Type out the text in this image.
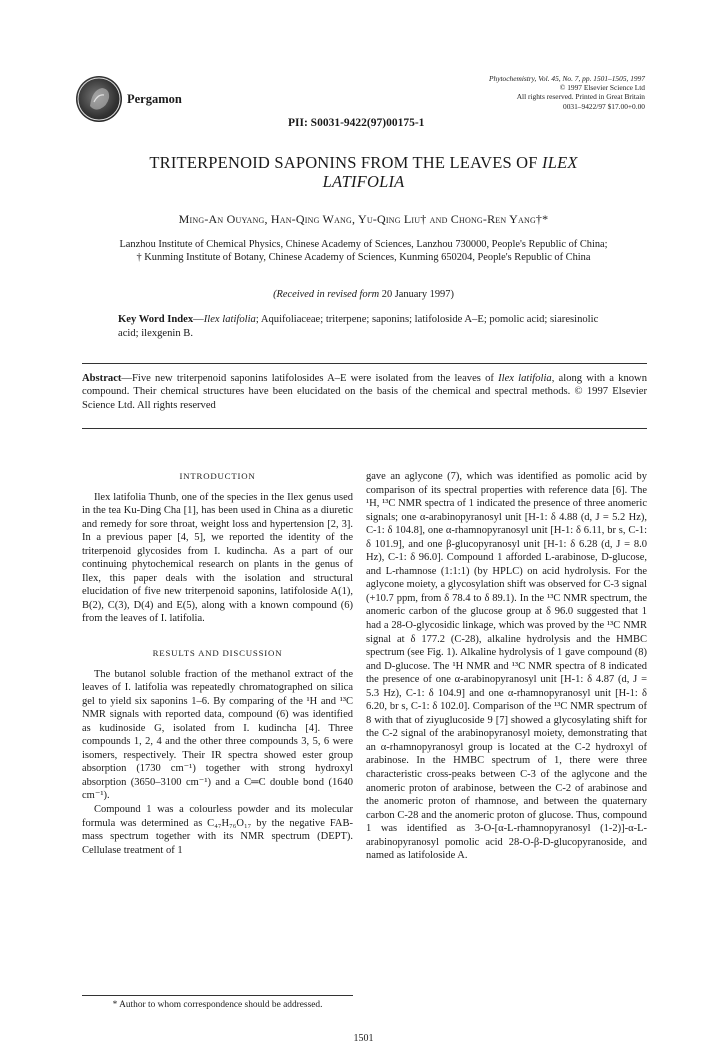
Pergamon
PII: S0031-9422(97)00175-1
Phytochemistry, Vol. 45, No. 7, pp. 1501–1505, 1997
© 1997 Elsevier Science Ltd
All rights reserved. Printed in Great Britain
0031–9422/97 $17.00+0.00
TRITERPENOID SAPONINS FROM THE LEAVES OF ILEX
LATIFOLIA
Ming-An Ouyang, Han-Qing Wang, Yu-Qing Liu† and Chong-Ren Yang†*
Lanzhou Institute of Chemical Physics, Chinese Academy of Sciences, Lanzhou 730000, People's Republic of China;
† Kunming Institute of Botany, Chinese Academy of Sciences, Kunming 650204, People's Republic of China
(Received in revised form 20 January 1997)
Key Word Index—Ilex latifolia; Aquifoliaceae; triterpene; saponins; latifoloside A–E; pomolic acid; siaresinolic acid; ilexgenin B.
Abstract—Five new triterpenoid saponins latifolosides A–E were isolated from the leaves of Ilex latifolia, along with a known compound. Their chemical structures have been elucidated on the basis of the chemical and spectral methods. © 1997 Elsevier Science Ltd. All rights reserved
INTRODUCTION

Ilex latifolia Thunb, one of the species in the Ilex genus used in the tea Ku-Ding Cha [1], has been used in China as a diuretic and remedy for sore throat, weight loss and hypertension [2, 3]. In a previous paper [4, 5], we reported the identity of the triterpenoid glycosides from I. kudincha. As a part of our continuing phytochemical research on plants in the genus of Ilex, this paper deals with the isolation and structural elucidation of five new triterpenoid saponins, latifoloside A(1), B(2), C(3), D(4) and E(5), along with a known compound (6) from the leaves of I. latifolia.

RESULTS AND DISCUSSION

The butanol soluble fraction of the methanol extract of the leaves of I. latifolia was repeatedly chromatographed on silica gel to yield six saponins 1–6. By comparing of the ¹H and ¹³C NMR signals with reported data, compound (6) was identified as kudinoside G, isolated from I. kudincha [4]. Three compounds 1, 2, 4 and the other three compounds 3, 5, 6 were isomers, respectively. Their IR spectra showed ester group absorption (1730 cm⁻¹) together with strong hydroxyl absorption (3650–3100 cm⁻¹) and a C═C double bond (1640 cm⁻¹).

Compound 1 was a colourless powder and its molecular formula was determined as C₄₇H₇₆O₁₇ by the negative FAB-mass spectrum together with its NMR spectrum (DEPT). Cellulase treatment of 1

gave an aglycone (7), which was identified as pomolic acid by comparison of its spectral properties with reference data [6]. The ¹H, ¹³C NMR spectra of 1 indicated the presence of three anomeric signals; one α-arabinopyranosyl unit [H-1: δ 4.88 (d, J = 5.2 Hz), C-1: δ 104.8], one α-rhamnopyranosyl unit [H-1: δ 6.11, br s, C-1: δ 101.9], and one β-glucopyranosyl unit [H-1: δ 6.28 (d, J = 8.0 Hz), C-1: δ 96.0]. Compound 1 afforded L-arabinose, D-glucose, and L-rhamnose (1:1:1) (by HPLC) on acid hydrolysis. For the aglycone moiety, a glycosylation shift was observed for C-3 signal (+10.7 ppm, from δ 78.4 to δ 89.1). In the ¹³C NMR spectrum, the anomeric carbon of the glucose group at δ 96.0 suggested that 1 had a 28-O-glycosidic linkage, which was proved by the ¹³C NMR signal at δ 177.2 (C-28), alkaline hydrolysis and the HMBC spectrum (see Fig. 1). Alkaline hydrolysis of 1 gave compound (8) and D-glucose. The ¹H NMR and ¹³C NMR spectra of 8 indicated the presence of one α-arabinopyranosyl unit [H-1: δ 4.87 (d, J = 5.3 Hz), C-1: δ 104.9] and one α-rhamnopyranosyl unit [H-1: δ 6.20, br s, C-1: δ 102.0]. Comparison of the ¹³C NMR spectrum of 8 with that of ziyuglucoside 9 [7] showed a glycosylating shift for the C-2 signal of the arabinopyranosyl moiety, demonstrating that an α-rhamnopyranosyl group is located at the C-2 hydroxyl of arabinose. In the HMBC spectrum of 1, there were three characteristic cross-peaks between C-3 of the aglycone and the anomeric proton of arabinose, between the C-2 of arabinose and the anomeric proton of rhamnose, and between the quaternary carbon C-28 and the anomeric proton of glucose. Thus, compound 1 was identified as 3-O-[α-L-rhamnopyranosyl (1-2)]-α-L-arabinopyranosyl pomolic acid 28-O-β-D-glucopyranoside, and named as latifoloside A.

* Author to whom correspondence should be addressed.
1501
